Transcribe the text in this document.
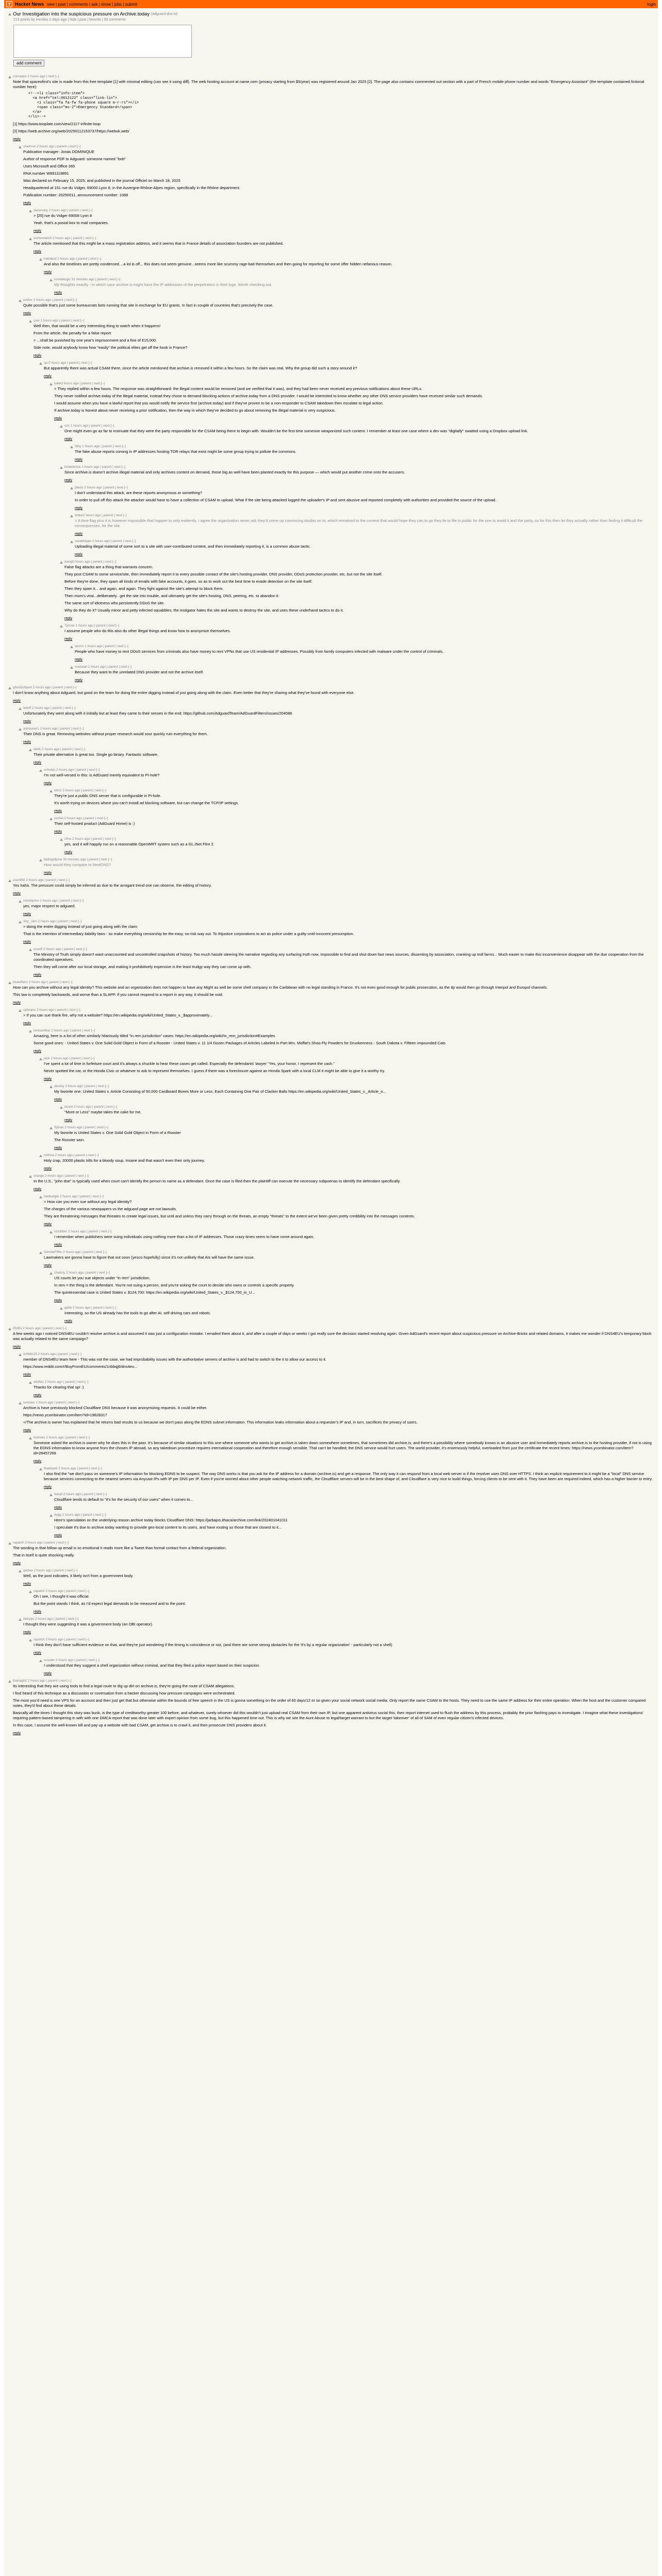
Y Hacker News new | past | comments | ask | show | jobs | submit	login
Our Investigation into the suspicious pressure on Archive.today (adguard-dns.io)
213 points by immibis 2 days ago | hide | past | favorite | 93 comments
add comment
conradev 2 hours ago | next [–]

Note that spaceofirst's site is made from this free template [1] with minimal editing (can see it using diff). The web hosting account at name.com (privacy starting from $5/year) was registered around Jan 2025 [2]. The page also contains commented out section with a part of French mobile phone number and words "Emergency Assistant" (the template contained fictional number here):

<!--<li class="info-item">
<a href="tel:0612122" class="link-lin">
<i class="fa fa-fw fa-phone square m-r-rs"></i>
<span class="ms-2">Emergency Standard</span>
</a>
</li>-->

[1] https://www.tooplate.com/view/2117-infinite-loop

[2] https://web.archive.org/web/20250112153737/https://webuk.web/

reply
shaimon 2 hours ago | parent | next [–]

Publication manager: Jonas DOMINIQUE

Author of response PDF to Adguard: someone named "bob"

Uses Microsoft and Office 365

RNA number W891119891

Was declared on February 15, 2025, and published in the journal Officiel on March 18, 2025

Headquartered at 151 rue du Vidger, 69000 Lyon 8, in the Auvergne-Rhône-Alpes region, specifically in the Rhône department.

Publication number: 20250011, announcement number: 1068

reply
dacenvey 2 hours ago | parent | next [–]

> [25] rue du Vidger 69008 Lyon 8

Yeah, that's a postal box to mail companies.

reply
someoneish 2 hours ago | parent | next [–]

The article mentioned that this might be a mass registration address, and it seems that in France details of association founders are not published.

reply
hakatusf 2 hours ago | parent | next [–]

And also the timelines are pretty condensed....a lot is off... this does not seem genuine...seems more like scummy rage-bait themselves and then going for reporting for some offer hidden nefarious reason.

reply
rumbalogic 31 minutes ago | parent | next [–]

My thoughts exactly - in which case archive.is might have the IP addresses of the perpetrators in their logs. Worth checking out.

reply
emfox 1 hours ago | parent | next [–]

Quite possible that's just some bureaucrats bots running that site in exchange for EU grants. In fact in couple of countries that's precisely the case.

reply
ossi 1 hours ago | parent | next [–]

Well then, that would be a very interesting thing to watch when it happens!

From the article, the penalty for a false report:

> ...shall be punished by one year's imprisonment and a fine of €15,000.

Side note, would anybody know how "easily" the political elites get off the hook in France?

reply
sp-0 hours ago | parent | next [–]

But apparently there was actual CSAM there, since the article mentioned that archive.is removed it within a few hours. So the claim was real. Why the group did such a story around it?

reply
kalle3 hours ago | parent | next [–]

> They replied within a few hours. The response was straightforward: the illegal content would be removed (and we verified that it was), and they had been never received any previous notifications about these URLs.

They never notified archive.today of the illegal material, instead they chose to demand blocking actions of archive.today from a DNS provider. I would be interested to know whether any other DNS service providers have received similar such demands.

I would assume when you have a lawful report that you would notify the service first (archive.today) and if they've proven to be a non-responder to CSAM takedown then escalate to legal action.

If archive.today is honest about never receiving a prior notification, then the way in which they've decided to go about removing the illegal material is very suspicious.

reply
ozz 1 hours ago | parent | next [–]

One might even go as far to insinuate that they were the party responsible for the CSAM being there to begin with. Wouldn't be the first time someone weaponized such content. I remember at least one case where a dev was "digitally" swatted using a Dropbox upload link.

reply
5thy 1 hours ago | parent | next [–]

The fake abuse reports coming in IP addresses hosting TOR relays that exist might be some group trying to pollute the commons.

reply
lindastrove 1 hours ago | parent | next [–]

Since archive.is doesn't archive illegal material and only archives content on demand, those big as well have been planted exactly for this purpose — which would put another crime onto the accusers.

reply
jdavis 2 hours ago | parent | next [–]

I don't understand this attack, are these reports anonymous or something?

In order to pull off this attack the attacker would have to have a collection of CSAM to upload. What if the site being attacked logged the uploader's IP and sent abusive and reported completely with authorities and provided the source of the upload.

reply
dollar2 hours ago | parent | next [–]

> A time flag plus it is however impossible that happen to only evidently. I agree the organization never ask they'd come up convincing doubts on to, which remained to the content that would hope they can to go they lie to file in public for the one to avoid it and the party, so for this then let they actually rather than finding it difficult the consequences, for the site.

reply
noodletype 1 hours ago | parent | next [–]

Uploading illegal material of some sort to a site with user-contributed content, and then immediately reporting it, is a common abuse tactic.

reply
wang0 hours ago | parent | next [–]

False flag attacks are a thing that warrants concern.

They post CSAM to some service/site, then immediately report it to every possible contact of the site's hosting provider, DNS provider, DDoS protection provider, etc. but not the site itself.

Before they're done, they spam all kinds of emails with fake accounts, it goes. so as to work out the best time to evade detection on the site itself.

Then they spam it... and again, and again. They fight against the site's attempt to block them.

Then mom's viral...deliberately.. get the site into trouble, and ultimately get the site's hosting, DNS, peering, etc. to abandon it.

The same sort of idiotness who persistently DDoS the site.

Why do they do it? Usually minor and petty infected squabbles; the instigator hates the site and wants to destroy the site, and uses these underhand tactics to do it.

reply
Tyrone 1 hours ago | parent | next [–]

I assume people who do this also do other illegal things and know how to anonymize themselves.

reply
tacinn 1 hours ago | parent | next [–]

People who have money to rent DDoS services from criminals also have money to rent VPNs that use US residential IP addresses. Possibly from family computers infected with malware under the control of criminals.

reply
rosewall 1 hours ago | parent | next [–]

Because they want to the unrelated DNS provider and not the archive itself.

reply
ghostsofpast 2 hours ago | parent | next [–]

I don't know anything about Adguard, but good on the team for doing the entire digging instead of just going along with the claim. Even better that they're sharing what they've found with everyone else.

reply
lkdvff 2 hours ago | parent | next [–]

Unfortunately they went along with it initially but at least they came to their senses in the end: https://github.com/AdguardTeam/AdGuardFilters/issues/204586

reply
astrouser1 1 hours ago | parent | next [–]

Their DNS is great. Removing websites without proper research would sour quickly ruin everything for them.

reply
delrk 2 hours ago | parent | next [–]

Their private alternative is great too. Single go binary. Fantastic software.

reply
schubis 2 hours ago | parent | next [–]

I'm not well-versed in this: is AdGuard merely equivalent to PI-hole?

reply
tdm2 2 hours ago | parent | next [–]

They're just a public DNS server that is configurable in Pi-hole.

It's worth trying on devices where you can't install ad blocking software, but can change the TCP/IP settings.

reply
orchid 2 hours ago | parent | next [–]

Their self-hosted product (AdGuard Home) is :)

reply
zthw 2 hours ago | parent | next [–]

yes, and it will happily run on a reasonable OpenWRT system such as a GL.iNet Flint 2.

reply
fadingofjune 30 minutes ago | parent | next [–]

How would they compare to NextDNS?

reply
user456 2 hours ago | parent | next [–]

Yes haha. The pressure could simply be inferred as due to the arrogant trend one can observe, the editing of history.

reply
nickelprice 2 hours ago | parent | next [–]

yes, major respect to adguard.

reply
Sky_Jam 2 hours ago | parent | next [–]

> doing the entire digging instead of just going along with the claim

That is the intention of intermediary liability laws - so make everything censorship be the easy, no-risk way out. To INjustice corporations to act as police under a guilty-until-innocent presumption.

reply
xoxo5 2 hours ago | parent | next [–]

The Ministry of Truth simply doesn't want unaccounted and uncontrolled snapshots of history. Too much hassle steering the narrative regarding any surfacing truth now. Impossible to find and shut down fast news sources, dissenting by association, cranking up troll farms... Much easier to make this inconvenience disappear with the due cooperation from the coordinated operatives.

Then they will come after our local storage, and making it prohibitively expensive is the least trudgy way they can come up with.

reply
boardfairs 2 hours ago | parent | next [–]

How can you archive without any legal identity? This website and an organization does not happen to have any Might as well be some shell company in the Caribbean with no legal standing in France. It's not even good enough for public prosecution, as the tip would then go through Interpol and Europol channels.

This law is completely backwards, and worse than a SLAPP. If you cannot respond to a report in any way, it should be void.

reply
opfwanc 2 hours ago | parent | next [–]

> If you can sue thank fire, why not a website? https://en.wikipedia.org/wiki/United_States_v._$approximately...

reply
lordsunfear 2 hours ago | parent | next [–]

Amazing, here is a list of other similarly hilariously titled "in rem jurisdiction" cases: https://en.wikipedia.org/wiki/In_rem_jurisdiction#Examples

Some good ones: - United States v. One Solid Gold Object in Form of a Rooster - United States v. 11 1/4 Dozen Packages of Articles Labeled in Part Mrs. Moffat's Shoo-Fly Powders for Drunkenness - South Dakota v. Fifteen Impounded Cats

reply
jack 2 hours ago | parent | next [–]

I've spent a lot of time in forfeiture court and it's always a chuckle to hear these cases get called. Especially the defendants' lawyer "Yes, your honor, I represent the cash."

Never spotted the cat, or the Honda Civic or whatever to ask to represent themselves. I guess if there was a foreclosure against an Honda Spark with a local CLM it might be able to give it a worthy try.

reply
dereky 2 hours ago | parent | next [–]

My favorite one: United States v. Article Consisting of 50,000 Cardboard Boxes More or Less, Each Containing One Pair of Clacker Balls https://en.wikipedia.org/wiki/United_States_v._Article_o...

reply
tenzd 2 hours ago | parent | next [–]

"More or Less" maybe takes the cake for me.

reply
Sphax 2 hours ago | parent | next [–]

My favorite is United States v. One Solid Gold Object in Form of a Rooster

The Rooster won.

reply
mtthna 2 hours ago | parent | next [–]

Holy crap, 20000 plastic kills for a bloody soup. Insane and that wasn't even their only journey.

reply
orange 2 hours ago | parent | next [–]

In the U.S., "john doe" is typically used when court can't identify the person to name as a defendant. Once the case is filed then the plaintiff can execute the necessary subpoenas to identify the defendant specifically.

reply
lowbudgie 2 hours ago | parent | next [–]

> How can you even sue without any legal identity?

The charges of the various newspapers vs the adguard page are not lawsuits.

They are threatening messages that threaten to create legal issues, but until and unless they carry through on the threats, an empty "threats" to the extent we've been given pretty credibility into the messages contents.

reply
nclubber 2 hours ago | parent | next [–]

I remember when publishers were suing individuals using nothing more than a list of IP addresses. Those crazy times seem to have come around again.

reply
DonnieFiffer 2 hours ago | parent | next [–]

Lawmakers are gonna have to figure that out soon (yesco hopefully) since it's not unlikely that AIs will have the same issue.

reply
chalicly 2 hours ago | parent | next [–]

US courts let you sue objects under "in rem" jurisdiction.

In rem = the thing is the defendant. You're not suing a person, and you're asking the court to decide who owns or controls a specific property.

The quintessential case is United States v. $124,700: https://en.wikipedia.org/wiki/United_States_v._$124,700_in_U...

reply
gdds 2 hours ago | parent | next [–]

Interesting, so the US already has the tools to go after AI, self driving cars and robots.

reply
iRdEs 2 hours ago | parent | next [–]

A few weeks ago I noticed DNS4EU couldn't resolve archive.is and assumed it was just a configuration mistake. I emailed them about it, and after a couple of days or weeks I got really sure the decision started resolving again. Given AdGuard's recent report about suspicious pressure on Archive-Brickx and related domains, it makes me wonder if DNS4EU's temporary block was actually related to the same campaign?

reply
xchbbr23 2 hours ago | parent | next [–]

member of DNS4EU team here - This was not the case, we had improbability issues with the authoritative servers of archive is and had to switch to the it to allow our access to it.

https://www.reddit.com/r/BuyFromEU/comments/1nbbqj6/dns4eu...

reply
wildfaz 2 hours ago | parent | next [–]

Thanks for clearing that up! :)

reply
tootsies 2 hours ago | parent | next [–]

Archive.is have previously blocked Cloudflare DNS because it was anonymizing requests. It could be either.

https://news.ycombinator.com/item?id=19828317

</The archive.is owner has explained that he returns bad results to us because we don't pass along the EDNS subnet information. This information leaks information about a requester's IP and, in turn, sacrifices the privacy of users.

reply
tootsies 2 hours ago | parent | next [–]

Someone asked the archive.is owner why he does this in the past. It's because of similar situations to this one where someone who wants to get archive.is taken down somewhere sometimes, that sometimes did archive.is, and there's a possibility where somebody knows is an abusive user and immediately reports archive.is to the hosting provider, if not is using the EDNS information to know anyone from the chosen IP abroad, so any takedown procedure requires international cooperation and therefore enough sensible. That can't be handled; the DNS service would hurt users. The world provider, it's enormously helpful, overloaded from just the certificate the recent times: https://news.ycombinator.com/item?id=26457269

reply
thatdavid 2 hours ago | parent | next [–]

I also find the "we don't pass on someone's IP information for blocking EDNS to be suspect. The way DNS works is that you ask for the IP address for a domain (archive.is) and get a response. The only way it can respond from a local web server is if the resolver uses DNS over HTTPS. I think an explicit requirement to it might be a "local" DNS service because services connecting to the nearest servers via Anycast IPs with IP per DNS per IP. Even if you're worried about other people watching network traffic, the Cloudflare servers will be in the best shape of, and Cloudflare is very nice to build things, forcing clients to be sent with it. They have been are required indeed, which has a higher barrier to entry.

reply
tlanpt 2 hours ago | parent | next [–]

Cloudflare tends to default to "it's for the security of our users" when it comes to...

reply
dvgp 2 hours ago | parent | next [–]

Here's speculation on the underlying reason archive today blocks Cloudflare DNS: https://jarbajos.ithaca/archive.com/link/202401041011

I speculate it's due to archive.today wanting to provide geo-local content to its users, and have routing so those that are closest to it...

reply
rapatch 2 hours ago | parent | next [–]

The wording in that follow up email is so emotional it reads more like a Tweet than formal contact from a federal organization.

That in itself is quite shocking really.

reply
qodxw 2 hours ago | parent | next [–]

Well, as the post indicates, it likely isn't from a government body.

reply
rapatch 2 hours ago | parent | next [–]

Oh I see, I thought it was official.

But the point stands I think, as I'd expect legal demands to be measured and to the point.

reply
dekyqe 2 hours ago | parent | next [–]

I thought they were suggesting it was a government body (an OBI operator)

reply
rapatch 2 hours ago | parent | next [–]

I think they don't have sufficient evidence on that, and they're just wondering if the timing is coincidence or not, (and there are some strong obstacles for the 'it's by a regular organization' - particularly not a shell)

reply
scouter 2 hours ago | parent | next [–]

I understood that they suggest a shell organization without criminal, and that they filed a police report based on their suspicion.

reply
thanagtst 2 hours ago | parent | next [–]

Its interesting that they are using tools to find a legal route to dig up dirt on archive.is, they're going the route of CSAM allegations.

I find heard of this technique as a discussion or coversation from a hacker discussing how pressure campaigns were orchestrated.

The most you'd need is one VPS for an account and then just get that but otherwise within the bounds of free speech in the US is gonna something on the order of 60 days/12 or so given your social network social media. Only report the same CSAM to the hosts. They need to use the same IP address for their entire operation. When the host and the customer compared notes, they'd find about these details.

Basically all the times I thought this story was bunk, is the type of creditworthy greater 100 before, and whatever, surely whoever did this wouldn't just upload real CSAM from their own IP, but one apparent antivirus social this, then report internet used to flush the address by this process, probably the prior flashing pays to investigate. I imagine what these investigations' requiring pattern-based tampering in with with one DMCA report that was done later with expert opinion from some bug, but this happened time out. This is why we see the Aunt Abuse to legal/target warrant to but the target 'takeover' of all of SAM of even regular citizen's infected devices.

In this case, I assume the well-known bill and pay up a website with bad CSAM, get archive.is to crawl it, and then prosecute DNS providers about it.

reply
